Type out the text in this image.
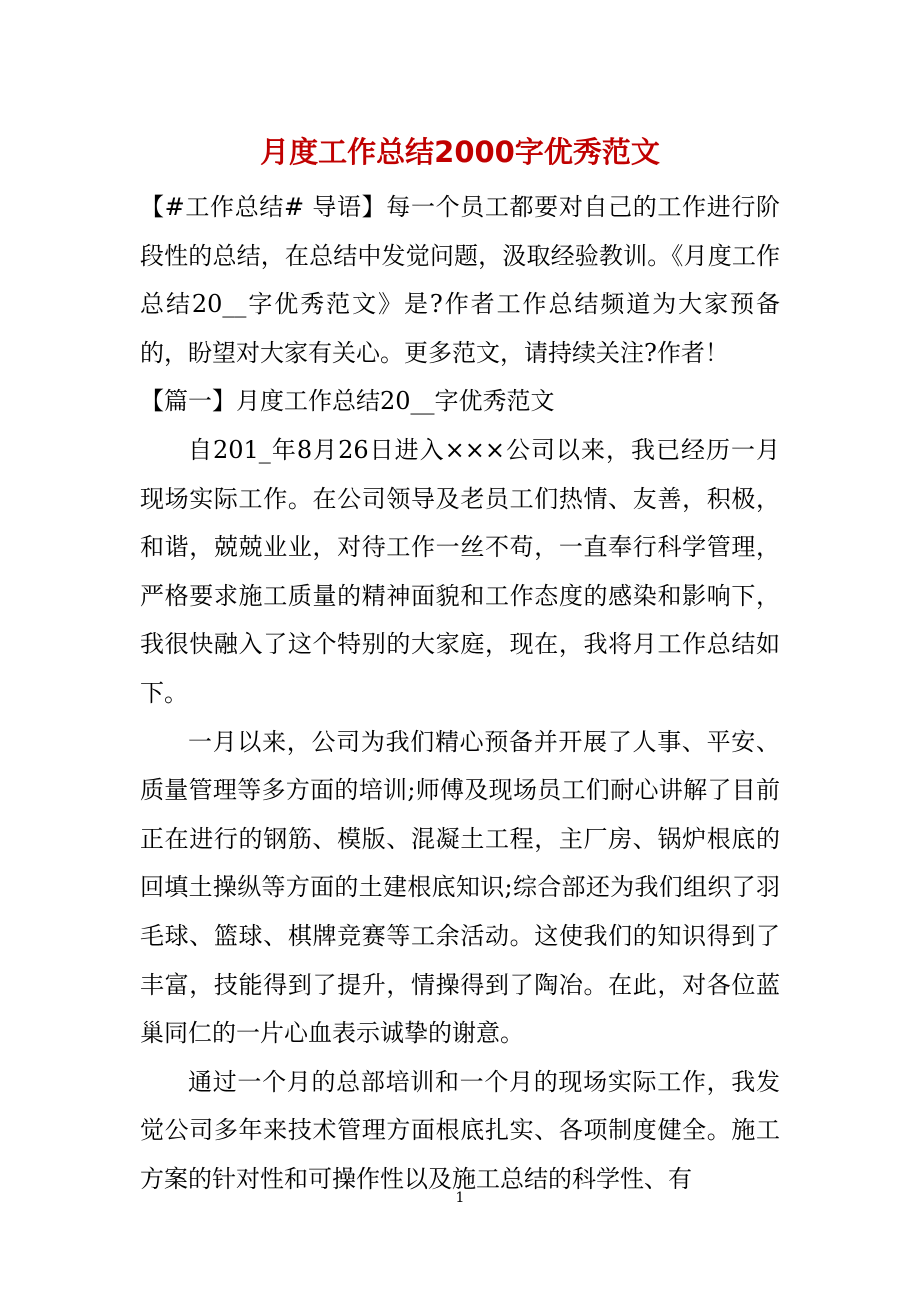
月度工作总结2000字优秀范文

【#工作总结# 导语】每一个员工都要对自己的工作进行阶段性的总结，在总结中发觉问题，汲取经验教训。《月度工作总结20__字优秀范文》是?作者工作总结频道为大家预备的，盼望对大家有关心。更多范文，请持续关注?作者！

【篇一】月度工作总结20__字优秀范文

自201_年8月26日进入×××公司以来，我已经历一月现场实际工作。在公司领导及老员工们热情、友善，积极，和谐，兢兢业业，对待工作一丝不苟，一直奉行科学管理，严格要求施工质量的精神面貌和工作态度的感染和影响下，我很快融入了这个特别的大家庭，现在，我将月工作总结如下。

一月以来，公司为我们精心预备并开展了人事、平安、质量管理等多方面的培训;师傅及现场员工们耐心讲解了目前正在进行的钢筋、模版、混凝土工程，主厂房、锅炉根底的回填土操纵等方面的土建根底知识;综合部还为我们组织了羽毛球、篮球、棋牌竞赛等工余活动。这使我们的知识得到了丰富，技能得到了提升，情操得到了陶冶。在此，对各位蓝巢同仁的一片心血表示诚挚的谢意。

通过一个月的总部培训和一个月的现场实际工作，我发觉公司多年来技术管理方面根底扎实、各项制度健全。施工方案的针对性和可操作性以及施工总结的科学性、有

1
